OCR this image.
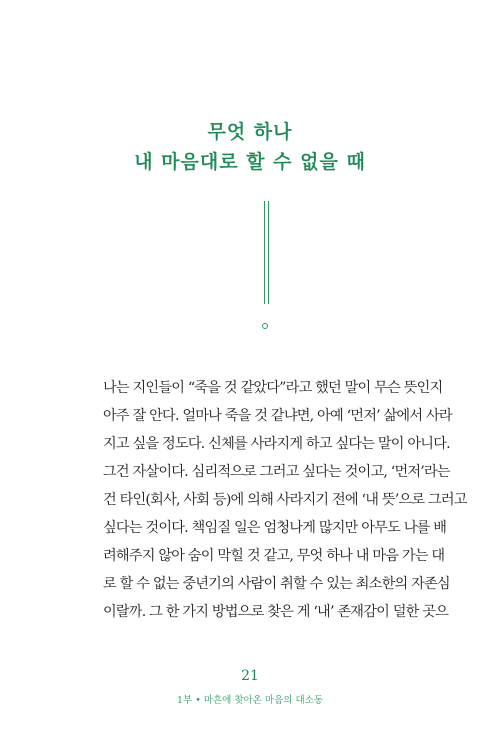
무엇 하나
내 마음대로 할 수 없을 때
나는 지인들이 “죽을 것 같았다”라고 했던 말이 무슨 뜻인지
아주 잘 안다. 얼마나 죽을 것 같냐면, 아예 ‘먼저’ 삶에서 사라
지고 싶을 정도다. 신체를 사라지게 하고 싶다는 말이 아니다.
그건 자살이다. 심리적으로 그러고 싶다는 것이고, ‘먼저’라는
건 타인(회사, 사회 등)에 의해 사라지기 전에 ‘내 뜻’으로 그러고
싶다는 것이다. 책임질 일은 엄청나게 많지만 아무도 나를 배
려해주지 않아 숨이 막힐 것 같고, 무엇 하나 내 마음 가는 대
로 할 수 없는 중년기의 사람이 취할 수 있는 최소한의 자존심
이랄까. 그 한 가지 방법으로 찾은 게 ‘내’ 존재감이 덜한 곳으
21
1부 • 마흔에 찾아온 마음의 대소동
